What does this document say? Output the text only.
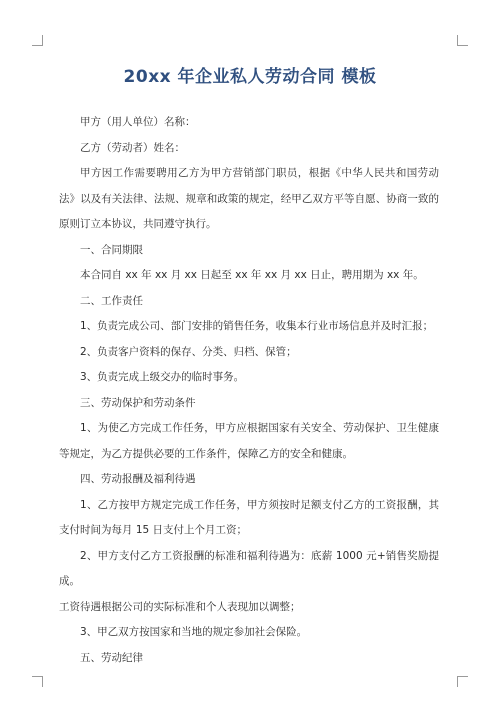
20xx 年企业私人劳动合同 模板

甲方（用人单位）名称：

乙方（劳动者）姓名：

甲方因工作需要聘用乙方为甲方营销部门职员，根据《中华人民共和国劳动法》以及有关法律、法规、规章和政策的规定，经甲乙双方平等自愿、协商一致的原则订立本协议，共同遵守执行。

一、合同期限

本合同自 xx 年 xx 月 xx 日起至 xx 年 xx 月 xx 日止，聘用期为 xx 年。

二、工作责任

1、负责完成公司、部门安排的销售任务，收集本行业市场信息并及时汇报；

2、负责客户资料的保存、分类、归档、保管；

3、负责完成上级交办的临时事务。

三、劳动保护和劳动条件

1、为使乙方完成工作任务，甲方应根据国家有关安全、劳动保护、卫生健康等规定，为乙方提供必要的工作条件，保障乙方的安全和健康。

四、劳动报酬及福利待遇

1、乙方按甲方规定完成工作任务，甲方须按时足额支付乙方的工资报酬，其支付时间为每月 15 日支付上个月工资；

2、甲方支付乙方工资报酬的标准和福利待遇为：底薪 1000 元+销售奖励提成。

工资待遇根据公司的实际标准和个人表现加以调整；

3、甲乙双方按国家和当地的规定参加社会保险。

五、劳动纪律
